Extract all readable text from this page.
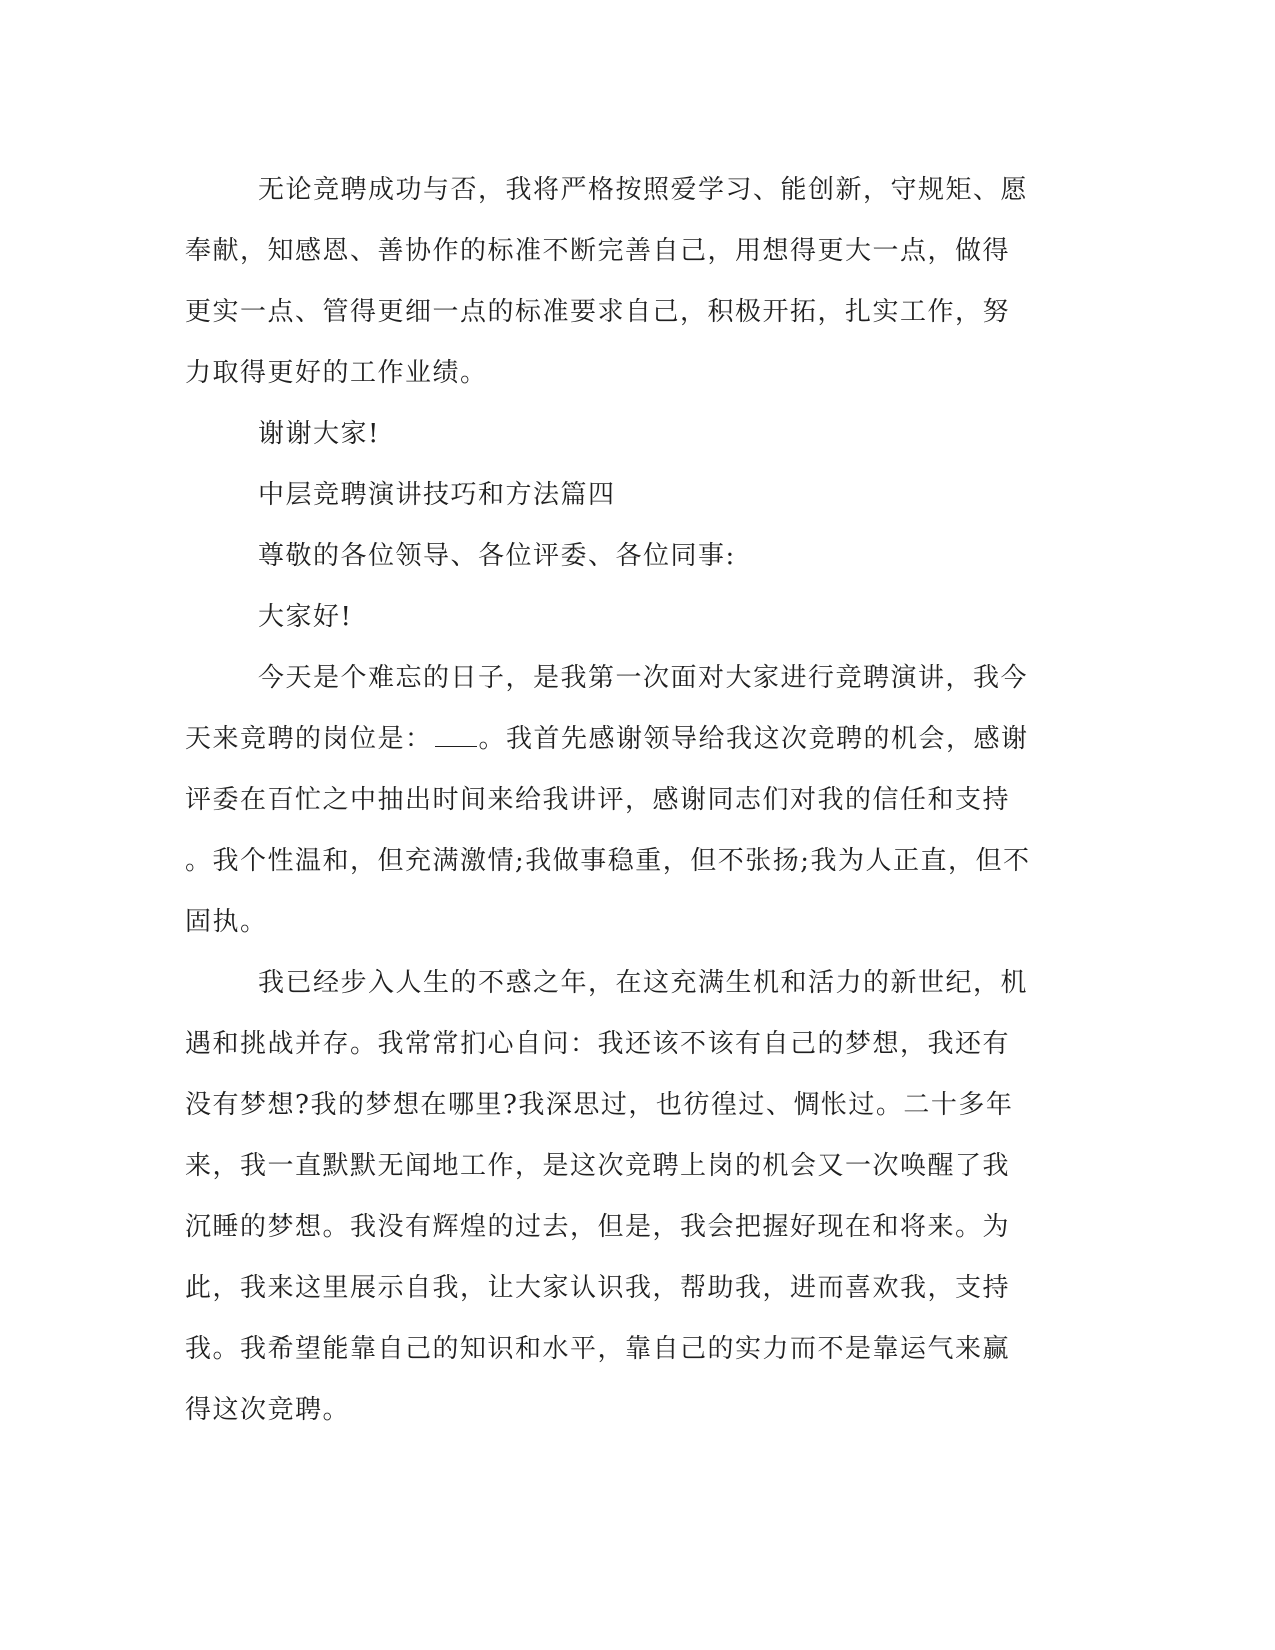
无论竞聘成功与否，我将严格按照爱学习、能创新，守规矩、愿
奉献，知感恩、善协作的标准不断完善自己，用想得更大一点，做得
更实一点、管得更细一点的标准要求自己，积极开拓，扎实工作，努
力取得更好的工作业绩。
谢谢大家!
中层竞聘演讲技巧和方法篇四
尊敬的各位领导、各位评委、各位同事:
大家好!
今天是个难忘的日子，是我第一次面对大家进行竞聘演讲，我今
天来竞聘的岗位是： 。我首先感谢领导给我这次竞聘的机会，感谢
评委在百忙之中抽出时间来给我讲评，感谢同志们对我的信任和支持
。我个性温和，但充满激情;我做事稳重，但不张扬;我为人正直，但不
固执。
我已经步入人生的不惑之年，在这充满生机和活力的新世纪，机
遇和挑战并存。我常常扪心自问：我还该不该有自己的梦想，我还有
没有梦想?我的梦想在哪里?我深思过，也彷徨过、惆怅过。二十多年
来，我一直默默无闻地工作，是这次竞聘上岗的机会又一次唤醒了我
沉睡的梦想。我没有辉煌的过去，但是，我会把握好现在和将来。为
此，我来这里展示自我，让大家认识我，帮助我，进而喜欢我，支持
我。我希望能靠自己的知识和水平，靠自己的实力而不是靠运气来赢
得这次竞聘。
